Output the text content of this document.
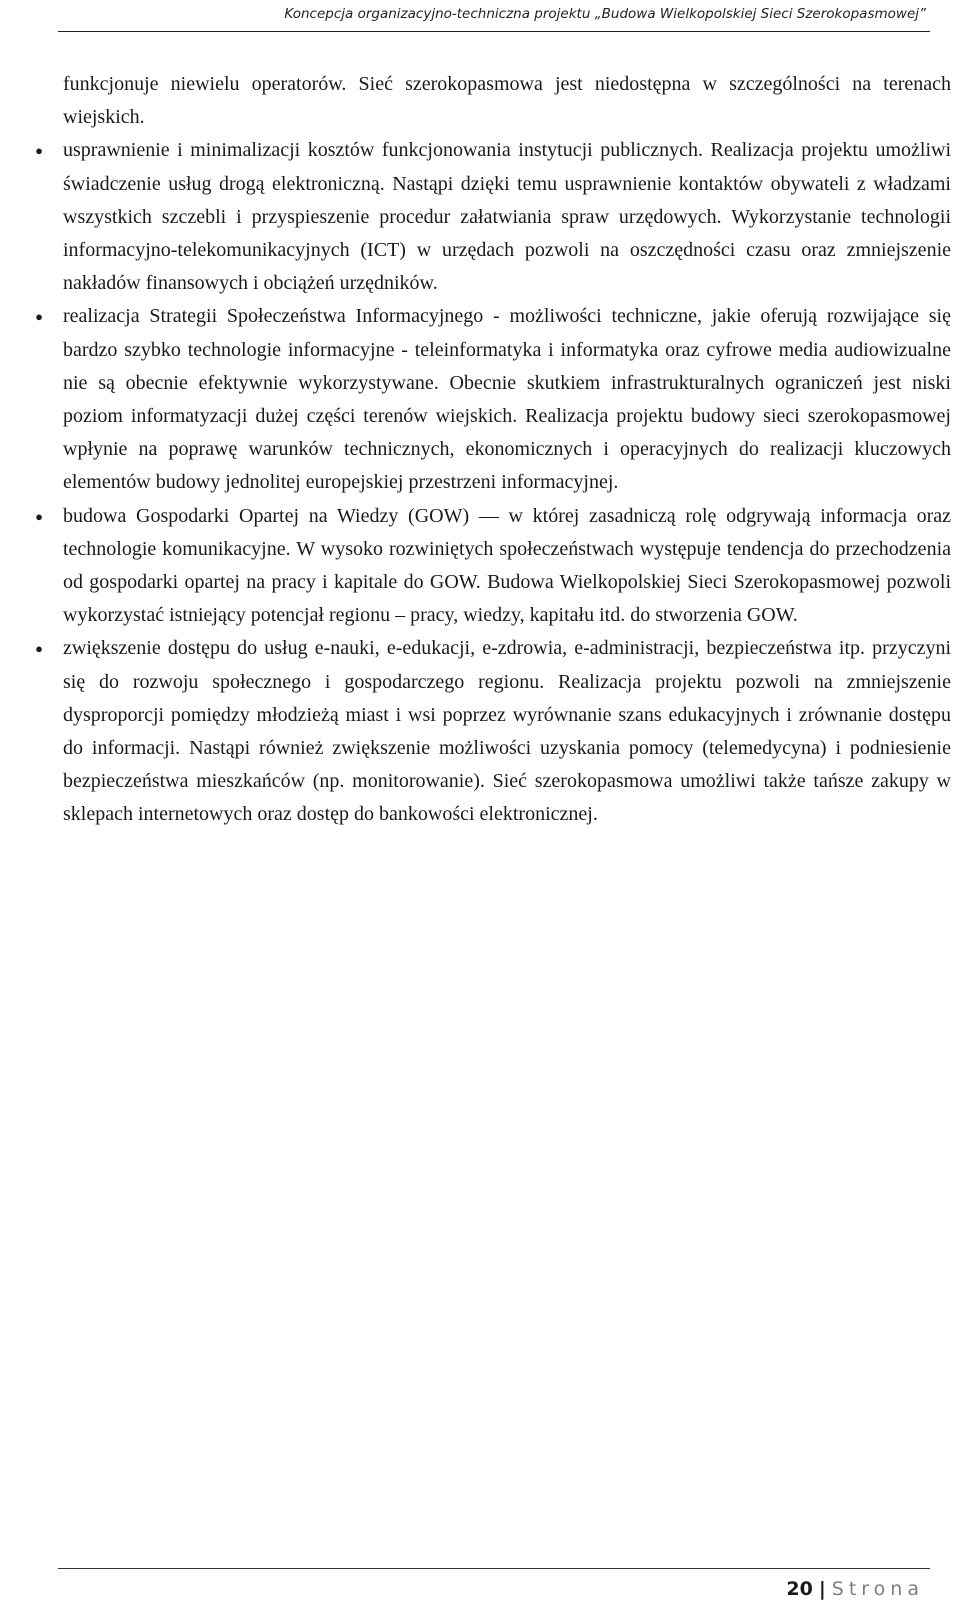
Koncepcja organizacyjno-techniczna projektu „Budowa Wielkopolskiej Sieci Szerokopasmowej”

funkcjonuje niewielu operatorów. Sieć szerokopasmowa jest niedostępna w szczególności na terenach wiejskich.

●	usprawnienie i minimalizacji kosztów funkcjonowania instytucji publicznych. Realizacja projektu umożliwi świadczenie usług drogą elektroniczną. Nastąpi dzięki temu usprawnienie kontaktów obywateli z władzami wszystkich szczebli i przyspieszenie procedur załatwiania spraw urzędowych. Wykorzystanie technologii informacyjno-telekomunikacyjnych (ICT) w urzędach pozwoli na oszczędności czasu oraz zmniejszenie nakładów finansowych i obciążeń urzędników.
●	realizacja Strategii Społeczeństwa Informacyjnego - możliwości techniczne, jakie oferują rozwijające się bardzo szybko technologie informacyjne - teleinformatyka i informatyka oraz cyfrowe media audiowizualne nie są obecnie efektywnie wykorzystywane. Obecnie skutkiem infrastrukturalnych ograniczeń jest niski poziom informatyzacji dużej części terenów wiejskich. Realizacja projektu budowy sieci szerokopasmowej wpłynie na poprawę warunków technicznych, ekonomicznych i operacyjnych do realizacji kluczowych elementów budowy jednolitej europejskiej przestrzeni informacyjnej.
●	budowa Gospodarki Opartej na Wiedzy (GOW) — w której zasadniczą rolę odgrywają informacja oraz technologie komunikacyjne. W wysoko rozwiniętych społeczeństwach występuje tendencja do przechodzenia od gospodarki opartej na pracy i kapitale do GOW. Budowa Wielkopolskiej Sieci Szerokopasmowej pozwoli wykorzystać istniejący potencjał regionu – pracy, wiedzy, kapitału itd. do stworzenia GOW.
●	zwiększenie dostępu do usług e-nauki, e-edukacji, e-zdrowia, e-administracji, bezpieczeństwa itp. przyczyni się do rozwoju społecznego i gospodarczego regionu. Realizacja projektu pozwoli na zmniejszenie dysproporcji pomiędzy młodzieżą miast i wsi poprzez wyrównanie szans edukacyjnych i zrównanie dostępu do informacji. Nastąpi również zwiększenie możliwości uzyskania pomocy (telemedycyna) i podniesienie bezpieczeństwa mieszkańców (np. monitorowanie). Sieć szerokopasmowa umożliwi także tańsze zakupy w sklepach internetowych oraz dostęp do bankowości elektronicznej.
20 | Strona
